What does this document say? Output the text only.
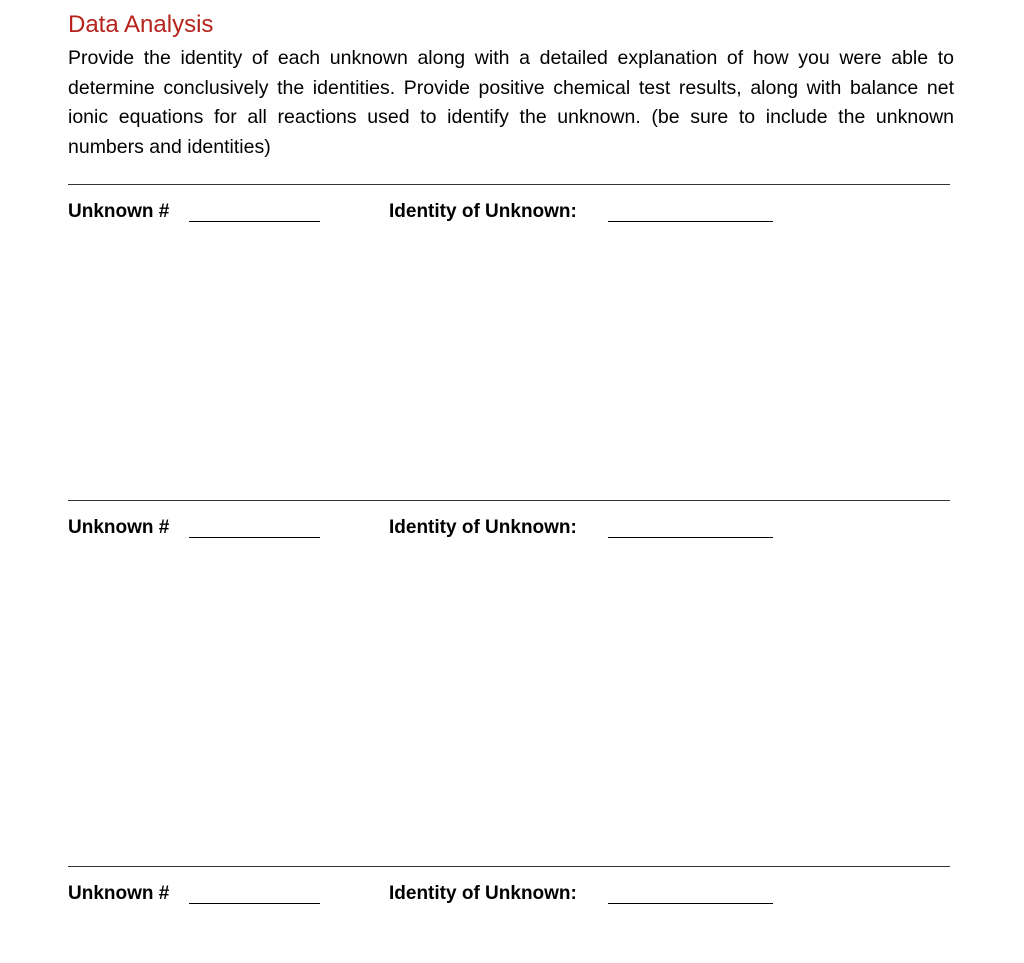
Data Analysis

Provide the identity of each unknown along with a detailed explanation of how you were able to determine conclusively the identities. Provide positive chemical test results, along with balance net ionic equations for all reactions used to identify the unknown. (be sure to include the unknown numbers and identities)

Unknown #	Identity of Unknown:
Unknown #	Identity of Unknown:
Unknown #	Identity of Unknown:
